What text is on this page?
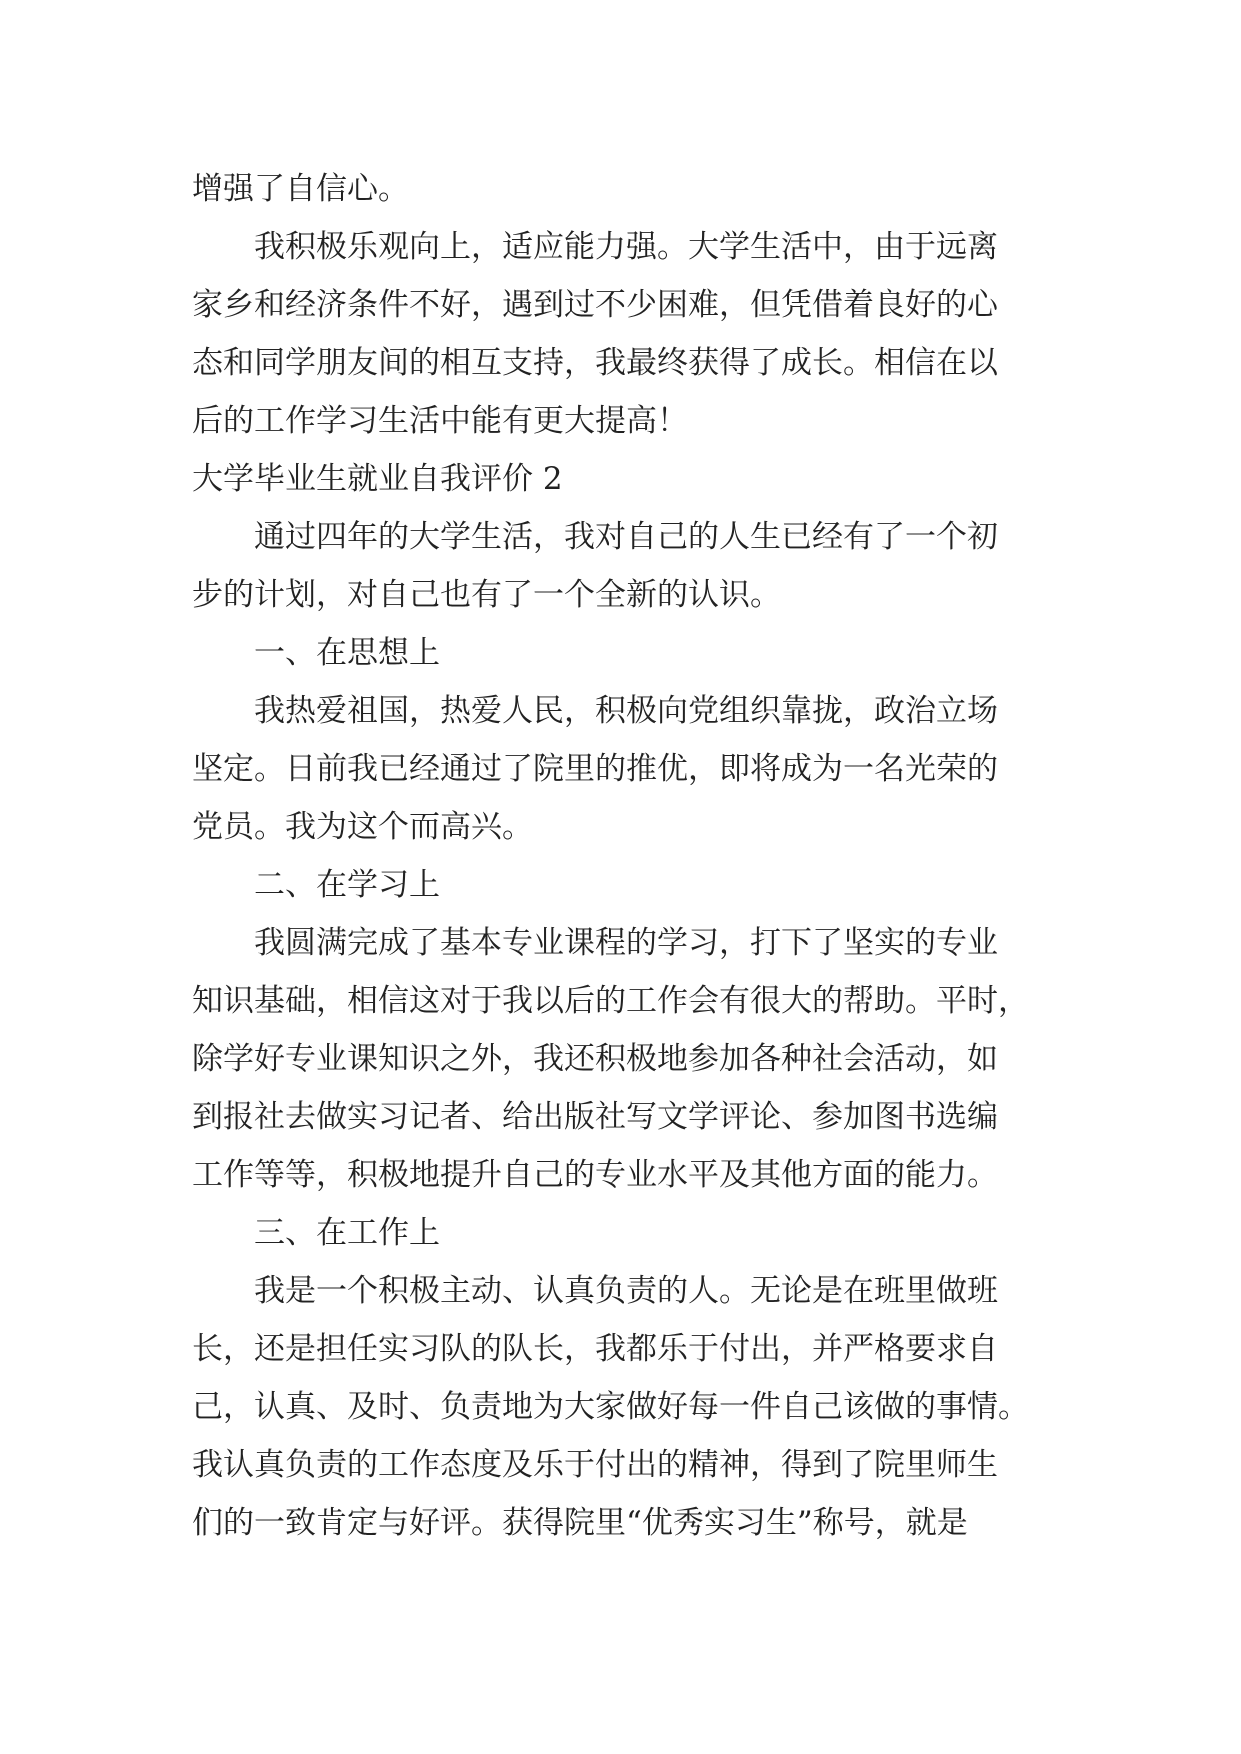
增强了自信心。
我积极乐观向上，适应能力强。大学生活中，由于远离
家乡和经济条件不好，遇到过不少困难，但凭借着良好的心
态和同学朋友间的相互支持，我最终获得了成长。相信在以
后的工作学习生活中能有更大提高！
大学毕业生就业自我评价 2
通过四年的大学生活，我对自己的人生已经有了一个初
步的计划，对自己也有了一个全新的认识。
一、在思想上
我热爱祖国，热爱人民，积极向党组织靠拢，政治立场
坚定。日前我已经通过了院里的推优，即将成为一名光荣的
党员。我为这个而高兴。
二、在学习上
我圆满完成了基本专业课程的学习，打下了坚实的专业
知识基础，相信这对于我以后的工作会有很大的帮助。平时，
除学好专业课知识之外，我还积极地参加各种社会活动，如
到报社去做实习记者、给出版社写文学评论、参加图书选编
工作等等，积极地提升自己的专业水平及其他方面的能力。
三、在工作上
我是一个积极主动、认真负责的人。无论是在班里做班
长，还是担任实习队的队长，我都乐于付出，并严格要求自
己，认真、及时、负责地为大家做好每一件自己该做的事情。
我认真负责的工作态度及乐于付出的精神，得到了院里师生
们的一致肯定与好评。获得院里“优秀实习生”称号，就是
